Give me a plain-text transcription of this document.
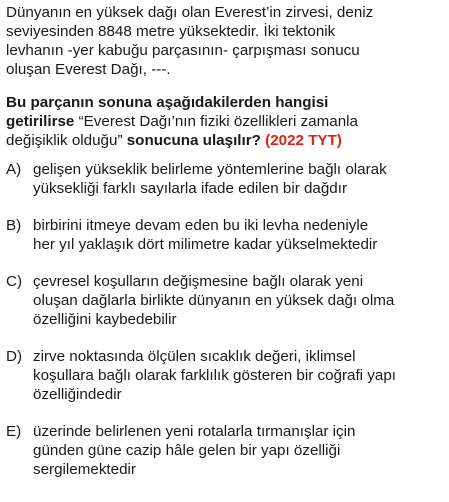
Dünyanın en yüksek dağı olan Everest’in zirvesi, deniz
seviyesinden 8848 metre yüksektedir. İki tektonik
levhanın -yer kabuğu parçasının- çarpışması sonucu
oluşan Everest Dağı, ---.

Bu parçanın sonuna aşağıdakilerden hangisi
getirilirse “Everest Dağı’nın fiziki özellikleri zamanla
değişiklik olduğu” sonucuna ulaşılır? (2022 TYT)

A) gelişen yükseklik belirleme yöntemlerine bağlı olarak
yüksekliği farklı sayılarla ifade edilen bir dağdır
B) birbirini itmeye devam eden bu iki levha nedeniyle
her yıl yaklaşık dört milimetre kadar yükselmektedir
C) çevresel koşulların değişmesine bağlı olarak yeni
oluşan dağlarla birlikte dünyanın en yüksek dağı olma
özelliğini kaybedebilir
D) zirve noktasında ölçülen sıcaklık değeri, iklimsel
koşullara bağlı olarak farklılık gösteren bir coğrafi yapı
özelliğindedir
E) üzerinde belirlenen yeni rotalarla tırmanışlar için
günden güne cazip hâle gelen bir yapı özelliği
sergilemektedir
